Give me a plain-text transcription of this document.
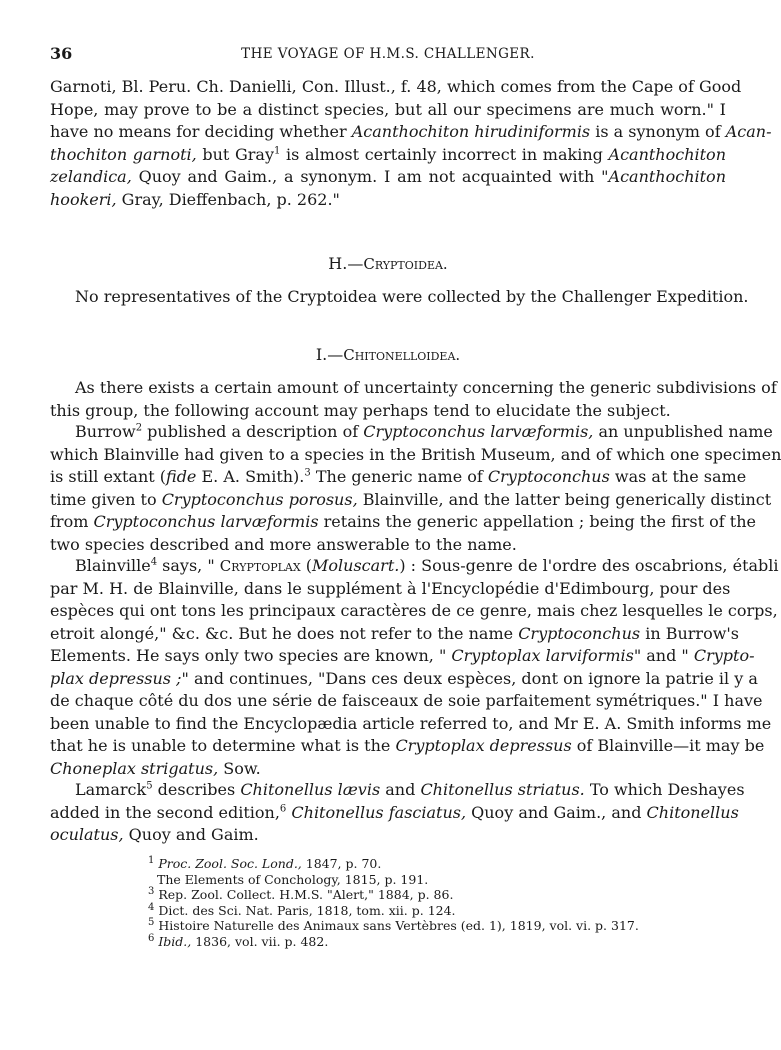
36	THE VOYAGE OF H.M.S. CHALLENGER.
Garnoti, Bl. Peru. Ch. Danielli, Con. Illust., f. 48, which comes from the Cape of Good
Hope, may prove to be a distinct species, but all our specimens are much worn." I
have no means for deciding whether Acanthochiton hirudiniformis is a synonym of Acan-
thochiton garnoti, but Gray$^1$ is almost certainly incorrect in making Acanthochiton
zelandica, Quoy and Gaim., a synonym. I am not acquainted with "Acanthochiton
hookeri, Gray, Dieffenbach, p. 262."
H.—Cryptoidea.
No representatives of the Cryptoidea were collected by the Challenger Expedition.
I.—Chitonelloidea.
As there exists a certain amount of uncertainty concerning the generic subdivisions of
this group, the following account may perhaps tend to elucidate the subject.
Burrow$^2$ published a description of Cryptoconchus larvæformis, an unpublished name
which Blainville had given to a species in the British Museum, and of which one specimen
is still extant (fide E. A. Smith).$^3$ The generic name of Cryptoconchus was at the same
time given to Cryptoconchus porosus, Blainville, and the latter being generically distinct
from Cryptoconchus larvæformis retains the generic appellation ; being the first of the
two species described and more answerable to the name.
Blainville$^4$ says, " Cryptoplax (Moluscart.) : Sous-genre de l'ordre des oscabrions, établi
par M. H. de Blainville, dans le supplément à l'Encyclopédie d'Edimbourg, pour des
espèces qui ont tons les principaux caractères de ce genre, mais chez lesquelles le corps,
etroit alongé," &c. &c. But he does not refer to the name Cryptoconchus in Burrow's
Elements. He says only two species are known, " Cryptoplax larviformis" and " Crypto-
plax depressus ;" and continues, "Dans ces deux espèces, dont on ignore la patrie il y a
de chaque côté du dos une série de faisceaux de soie parfaitement symétriques." I have
been unable to find the Encyclopædia article referred to, and Mr E. A. Smith informs me
that he is unable to determine what is the Cryptoplax depressus of Blainville—it may be
Choneplax strigatus, Sow.
Lamarck$^5$ describes Chitonellus lævis and Chitonellus striatus. To which Deshayes
added in the second edition,$^6$ Chitonellus fasciatus, Quoy and Gaim., and Chitonellus
oculatus, Quoy and Gaim.
$^1$ Proc. Zool. Soc. Lond., 1847, p. 70.
The Elements of Conchology, 1815, p. 191.
$^3$ Rep. Zool. Collect. H.M.S. "Alert," 1884, p. 86.
$^4$ Dict. des Sci. Nat. Paris, 1818, tom. xii. p. 124.
$^5$ Histoire Naturelle des Animaux sans Vertèbres (ed. 1), 1819, vol. vi. p. 317.
$^6$ Ibid., 1836, vol. vii. p. 482.
